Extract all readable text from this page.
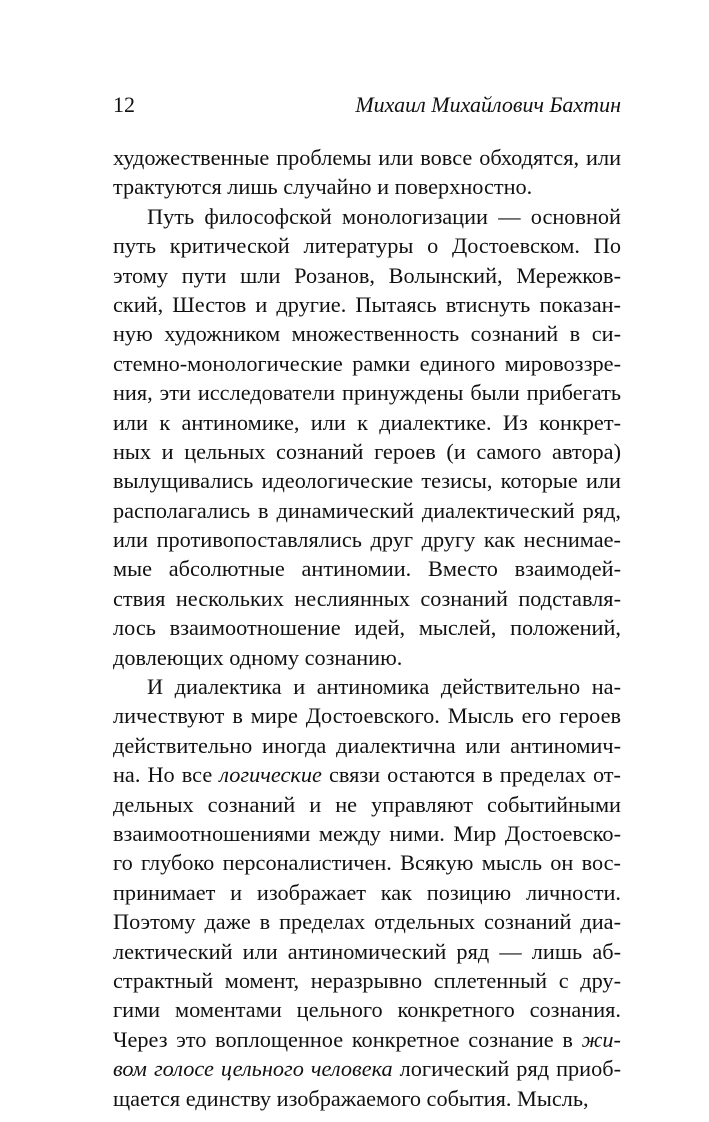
12	Михаил Михайлович Бахтин
художественные проблемы или вовсе обходятся, или
трактуются лишь случайно и поверхностно.
Путь философской монологизации — основной
путь критической литературы о Достоевском. По
этому пути шли Розанов, Волынский, Мережков-
ский, Шестов и другие. Пытаясь втиснуть показан-
ную художником множественность сознаний в си-
стемно-монологические рамки единого мировоззре-
ния, эти исследователи принуждены были прибегать
или к антиномике, или к диалектике. Из конкрет-
ных и цельных сознаний героев (и самого автора)
вылущивались идеологические тезисы, которые или
располагались в динамический диалектический ряд,
или противопоставлялись друг другу как неснимае-
мые абсолютные антиномии. Вместо взаимодей-
ствия нескольких неслиянных сознаний подставля-
лось взаимоотношение идей, мыслей, положений,
довлеющих одному сознанию.
И диалектика и антиномика действительно на-
личествуют в мире Достоевского. Мысль его героев
действительно иногда диалектична или антиномич-
на. Но все логические связи остаются в пределах от-
дельных сознаний и не управляют событийными
взаимоотношениями между ними. Мир Достоевско-
го глубоко персоналистичен. Всякую мысль он вос-
принимает и изображает как позицию личности.
Поэтому даже в пределах отдельных сознаний диа-
лектический или антиномический ряд — лишь аб-
страктный момент, неразрывно сплетенный с дру-
гими моментами цельного конкретного сознания.
Через это воплощенное конкретное сознание в жи-
вом голосе цельного человека логический ряд приоб-
щается единству изображаемого события. Мысль,
